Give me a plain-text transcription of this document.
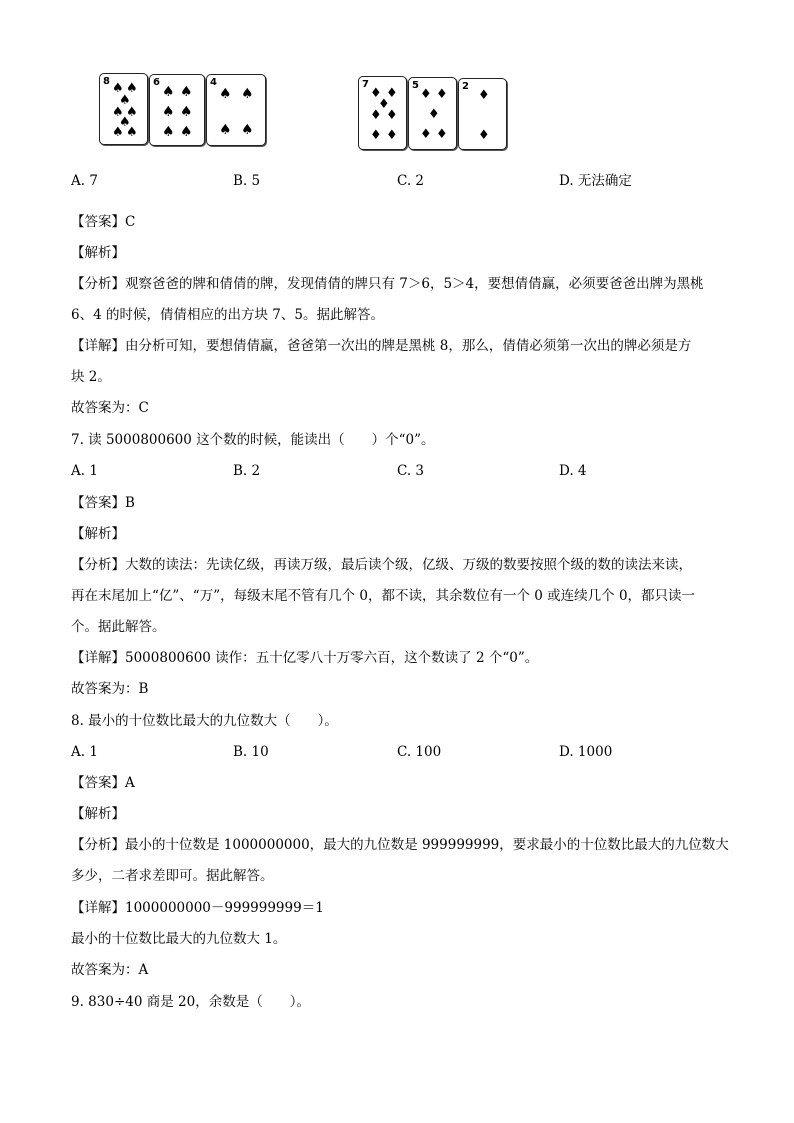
8 ♠ ♠
♠
♠ ♠
♠
♠ ♠
6
♠ ♠
♠ ♠
♠ ♠
4
♠ ♠
♠ ♠
7
♦ ♦
♦
♦ ♦
♦ ♦
5
♦ ♦
♦
♦ ♦
2
♦
♦
A. 7	B. 5	C. 2	D. 无法确定
【答案】C
【解析】
【分析】观察爸爸的牌和倩倩的牌，发现倩倩的牌只有 7＞6，5＞4，要想倩倩赢，必须要爸爸出牌为黑桃
6、4 的时候，倩倩相应的出方块 7、5。据此解答。
【详解】由分析可知，要想倩倩赢，爸爸第一次出的牌是黑桃 8，那么，倩倩必须第一次出的牌必须是方
块 2。
故答案为：C
7. 读 5000800600 这个数的时候，能读出（　　）个“0”。
A. 1	B. 2	C. 3	D. 4
【答案】B
【解析】
【分析】大数的读法：先读亿级，再读万级，最后读个级，亿级、万级的数要按照个级的数的读法来读，
再在末尾加上“亿”、“万”，每级末尾不管有几个 0，都不读，其余数位有一个 0 或连续几个 0，都只读一
个。据此解答。
【详解】5000800600 读作：五十亿零八十万零六百，这个数读了 2 个“0”。
故答案为：B
8. 最小的十位数比最大的九位数大（　　）。
A. 1	B. 10	C. 100	D. 1000
【答案】A
【解析】
【分析】最小的十位数是 1000000000，最大的九位数是 999999999，要求最小的十位数比最大的九位数大
多少，二者求差即可。据此解答。
【详解】1000000000－999999999＝1
最小的十位数比最大的九位数大 1。
故答案为：A
9. 830÷40 商是 20，余数是（　　）。
